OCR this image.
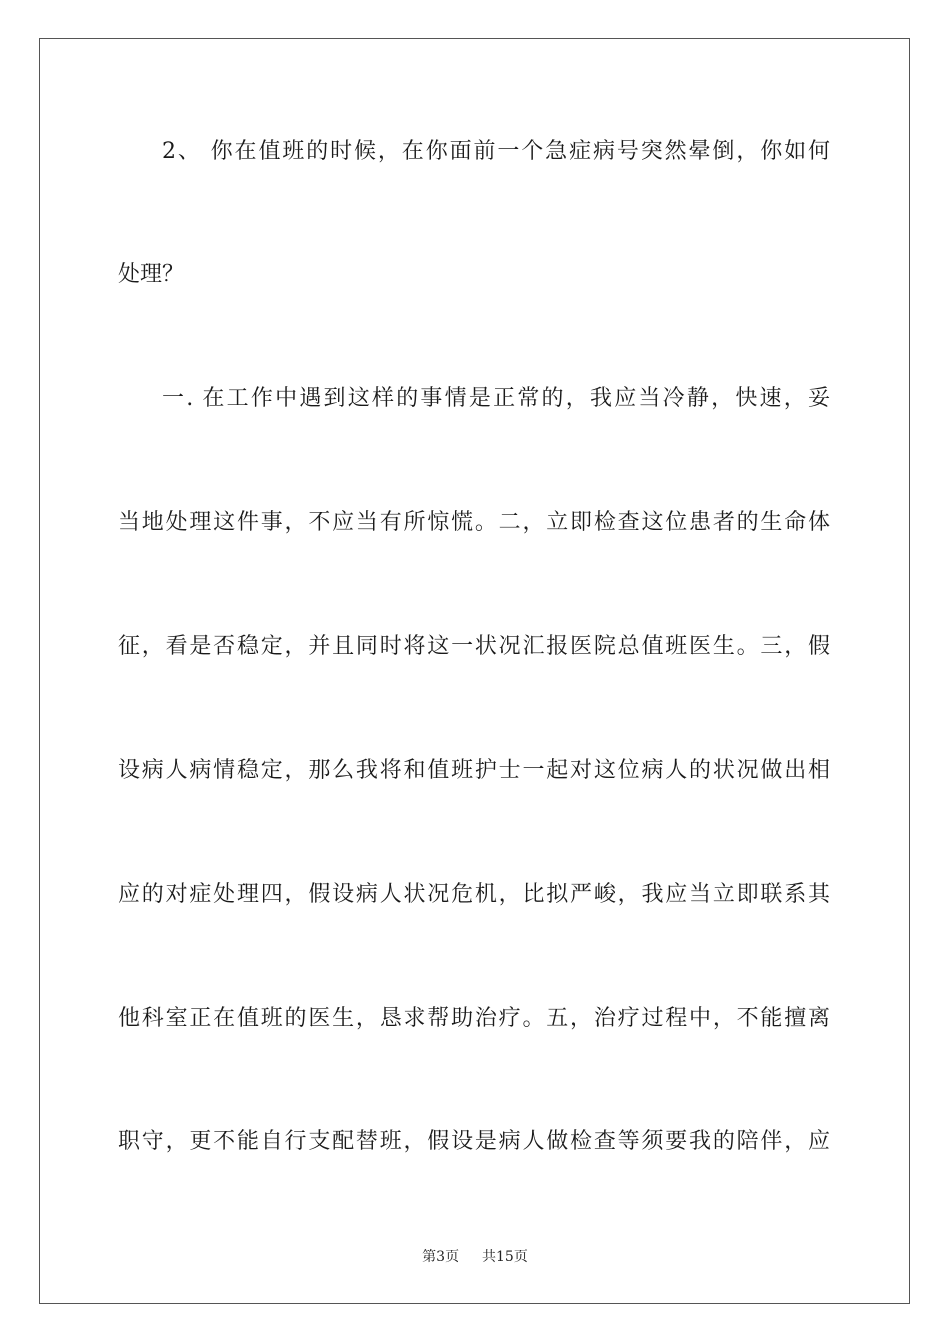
2、 你在值班的时候，在你面前一个急症病号突然晕倒，你如何
处理？
一. 在工作中遇到这样的事情是正常的，我应当冷静，快速，妥
当地处理这件事，不应当有所惊慌。二，立即检查这位患者的生命体
征，看是否稳定，并且同时将这一状况汇报医院总值班医生。三，假
设病人病情稳定，那么我将和值班护士一起对这位病人的状况做出相
应的对症处理四，假设病人状况危机，比拟严峻，我应当立即联系其
他科室正在值班的医生，恳求帮助治疗。五，治疗过程中，不能擅离
职守，更不能自行支配替班，假设是病人做检查等须要我的陪伴，应
第3页 共15页
